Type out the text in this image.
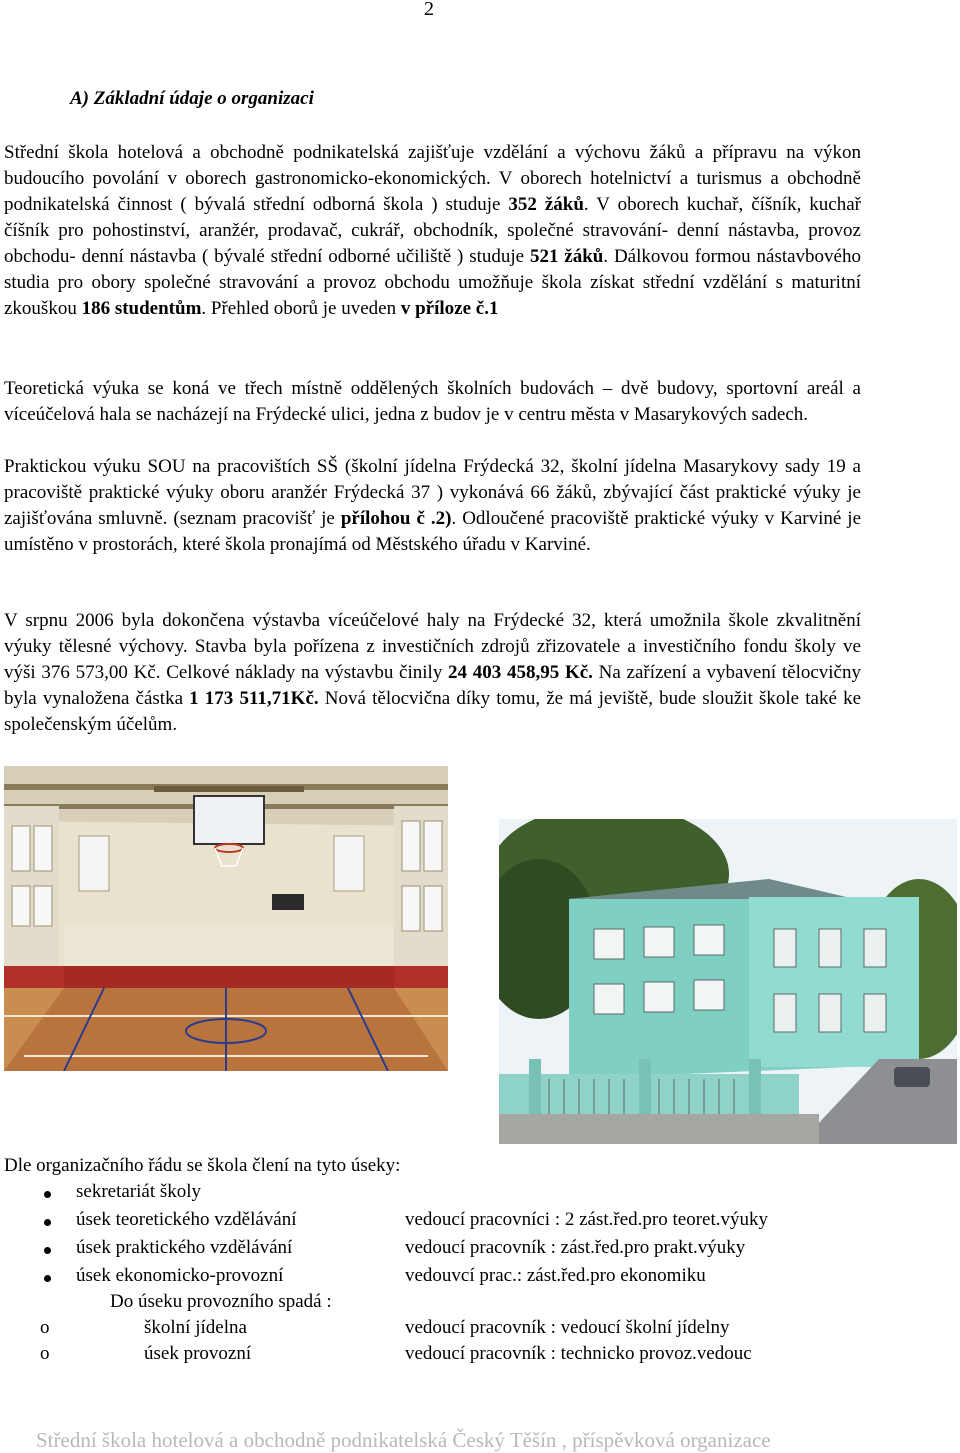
2
A) Základní údaje o organizaci
Střední škola hotelová a obchodně podnikatelská zajišťuje vzdělání a výchovu žáků a přípravu na výkon budoucího povolání v oborech gastronomicko-ekonomických. V oborech hotelnictví a turismus a obchodně podnikatelská činnost ( bývalá střední odborná škola ) studuje 352 žáků. V oborech kuchař, číšník, kuchař číšník pro pohostinství, aranžér, prodavač, cukrář, obchodník, společné stravování- denní nástavba, provoz obchodu- denní nástavba ( bývalé střední odborné učiliště ) studuje 521 žáků. Dálkovou formou nástavbového studia pro obory společné stravování a provoz obchodu umožňuje škola získat střední vzdělání s maturitní zkouškou 186 studentům. Přehled oborů je uveden v příloze č.1
Teoretická výuka se koná ve třech místně oddělených školních budovách – dvě budovy, sportovní areál a víceúčelová hala se nacházejí na Frýdecké ulici, jedna z budov je v centru města v Masarykových sadech.
Praktickou výuku SOU na pracovištích SŠ (školní jídelna Frýdecká 32, školní jídelna Masarykovy sady 19 a pracoviště praktické výuky oboru aranžér Frýdecká 37 ) vykonává 66 žáků, zbývající část praktické výuky je zajišťována smluvně. (seznam pracovišť je přílohou č .2). Odloučené pracoviště praktické výuky v Karviné je umístěno v prostorách, které škola pronajímá od Městského úřadu v Karviné.
V srpnu 2006 byla dokončena výstavba víceúčelové haly na Frýdecké 32, která umožnila škole zkvalitnění výuky tělesné výchovy. Stavba byla pořízena z investičních zdrojů zřizovatele a investičního fondu školy ve výši 376 573,00 Kč. Celkové náklady na výstavbu činily 24 403 458,95 Kč. Na zařízení a vybavení tělocvičny byla vynaložena částka 1 173 511,71Kč. Nová tělocvična díky tomu, že má jeviště, bude sloužit škole také ke společenským účelům.
Dle organizačního řádu se škola člení na tyto úseky:
sekretariát školy
úsek teoretického vzdělávání	vedoucí pracovníci : 2 zást.řed.pro teoret.výuky
úsek praktického vzdělávání	vedoucí pracovník : zást.řed.pro prakt.výuky
úsek ekonomicko-provozní	vedouvcí prac.: zást.řed.pro ekonomiku
Do úseku provozního spadá :
o	školní jídelna	vedoucí pracovník : vedoucí školní jídelny
o	úsek provozní	vedoucí pracovník : technicko provoz.vedouc
Střední škola hotelová a obchodně podnikatelská Český Těšín , příspěvková organizace
